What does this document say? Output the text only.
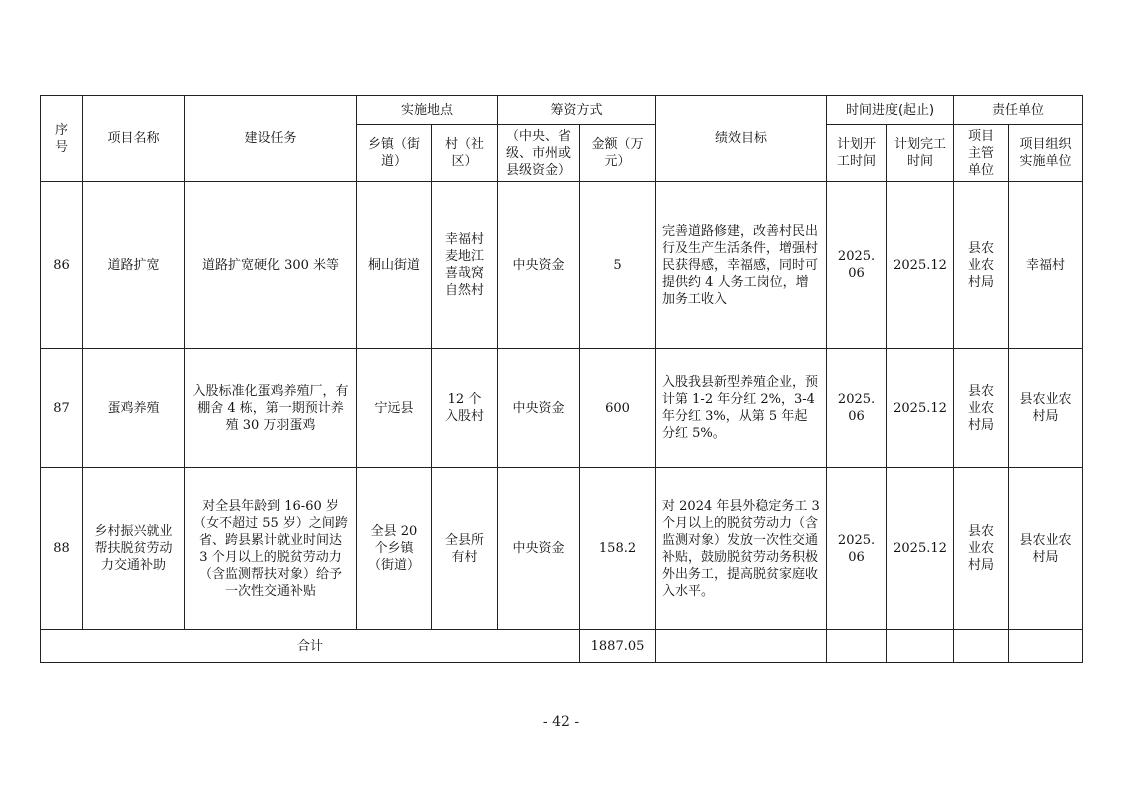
序号	项目名称	建设任务	实施地点		筹资方式		绩效目标	时间进度(起止)		责任单位	
			乡镇（街道）	村（社区）	（中央、省级、市州或县级资金）	金额（万元）		计划开工时间	计划完工时间	项目主管单位	项目组织实施单位
86	道路扩宽	道路扩宽硬化 300 米等	桐山街道	幸福村麦地江喜哉窝自然村	中央资金	5	完善道路修建，改善村民出行及生产生活条件，增强村民获得感，幸福感，同时可提供约 4 人务工岗位，增加务工收入	2025.06	2025.12	县农业农村局	幸福村
87	蛋鸡养殖	入股标准化蛋鸡养殖厂，有棚舍 4 栋，第一期预计养殖 30 万羽蛋鸡	宁远县	12 个入股村	中央资金	600	入股我县新型养殖企业，预计第 1-2 年分红 2%，3-4 年分红 3%，从第 5 年起分红 5%。	2025.06	2025.12	县农业农村局	县农业农村局
88	乡村振兴就业帮扶脱贫劳动力交通补助	对全县年龄到 16-60 岁（女不超过 55 岁）之间跨省、跨县累计就业时间达 3 个月以上的脱贫劳动力（含监测帮扶对象）给予一次性交通补贴	全县 20 个乡镇（街道）	全县所有村	中央资金	158.2	对 2024 年县外稳定务工 3 个月以上的脱贫劳动力（含监测对象）发放一次性交通补贴，鼓励脱贫劳动务积极外出务工，提高脱贫家庭收入水平。	2025.06	2025.12	县农业农村局	县农业农村局
合计						1887.05					
- 42 -
